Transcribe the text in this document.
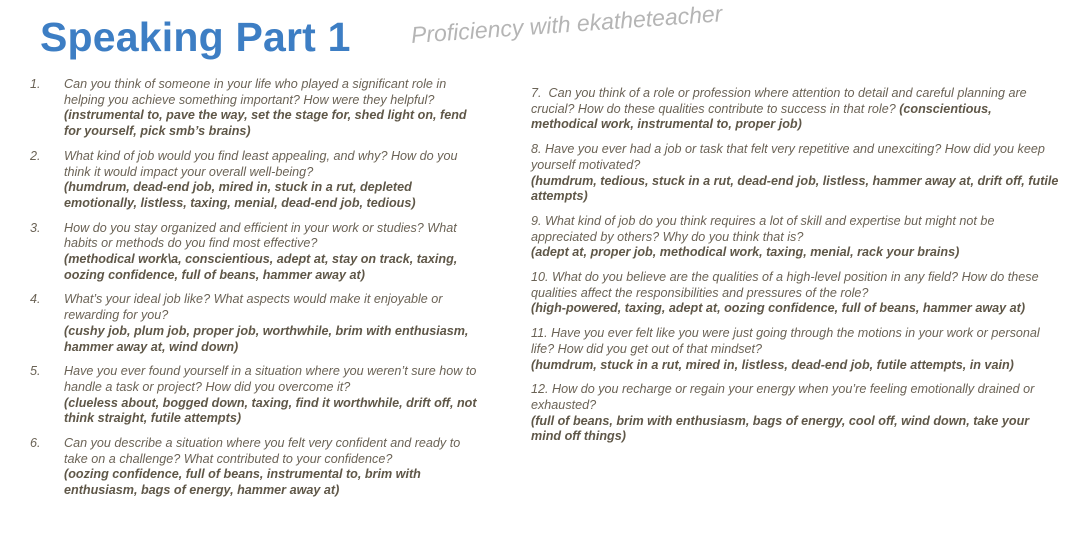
Speaking Part 1	Proficiency with ekatheteacher

1. Can you think of someone in your life who played a significant role in helping you achieve something important? How were they helpful? (instrumental to, pave the way, set the stage for, shed light on, fend for yourself, pick smb’s brains)

2. What kind of job would you find least appealing, and why? How do you think it would impact your overall well-being?
(humdrum, dead-end job, mired in, stuck in a rut, depleted emotionally, listless, taxing, menial, dead-end job, tedious)

3. How do you stay organized and efficient in your work or studies? What habits or methods do you find most effective?
(methodical work\a, conscientious, adept at, stay on track, taxing, oozing confidence, full of beans, hammer away at)

4. What’s your ideal job like? What aspects would make it enjoyable or rewarding for you?
(cushy job, plum job, proper job, worthwhile, brim with enthusiasm, hammer away at, wind down)

5. Have you ever found yourself in a situation where you weren’t sure how to handle a task or project? How did you overcome it?
(clueless about, bogged down, taxing, find it worthwhile, drift off, not think straight, futile attempts)

6. Can you describe a situation where you felt very confident and ready to take on a challenge? What contributed to your confidence?
(oozing confidence, full of beans, instrumental to, brim with enthusiasm, bags of energy, hammer away at)

7. Can you think of a role or profession where attention to detail and careful planning are crucial? How do these qualities contribute to success in that role? (conscientious, methodical work, instrumental to, proper job)

8. Have you ever had a job or task that felt very repetitive and unexciting? How did you keep yourself motivated?
(humdrum, tedious, stuck in a rut, dead-end job, listless, hammer away at, drift off, futile attempts)

9. What kind of job do you think requires a lot of skill and expertise but might not be appreciated by others? Why do you think that is?
(adept at, proper job, methodical work, taxing, menial, rack your brains)

10. What do you believe are the qualities of a high-level position in any field? How do these qualities affect the responsibilities and pressures of the role?
(high-powered, taxing, adept at, oozing confidence, full of beans, hammer away at)

11. Have you ever felt like you were just going through the motions in your work or personal life? How did you get out of that mindset?
(humdrum, stuck in a rut, mired in, listless, dead-end job, futile attempts, in vain)

12. How do you recharge or regain your energy when you’re feeling emotionally drained or exhausted?
(full of beans, brim with enthusiasm, bags of energy, cool off, wind down, take your mind off things)
